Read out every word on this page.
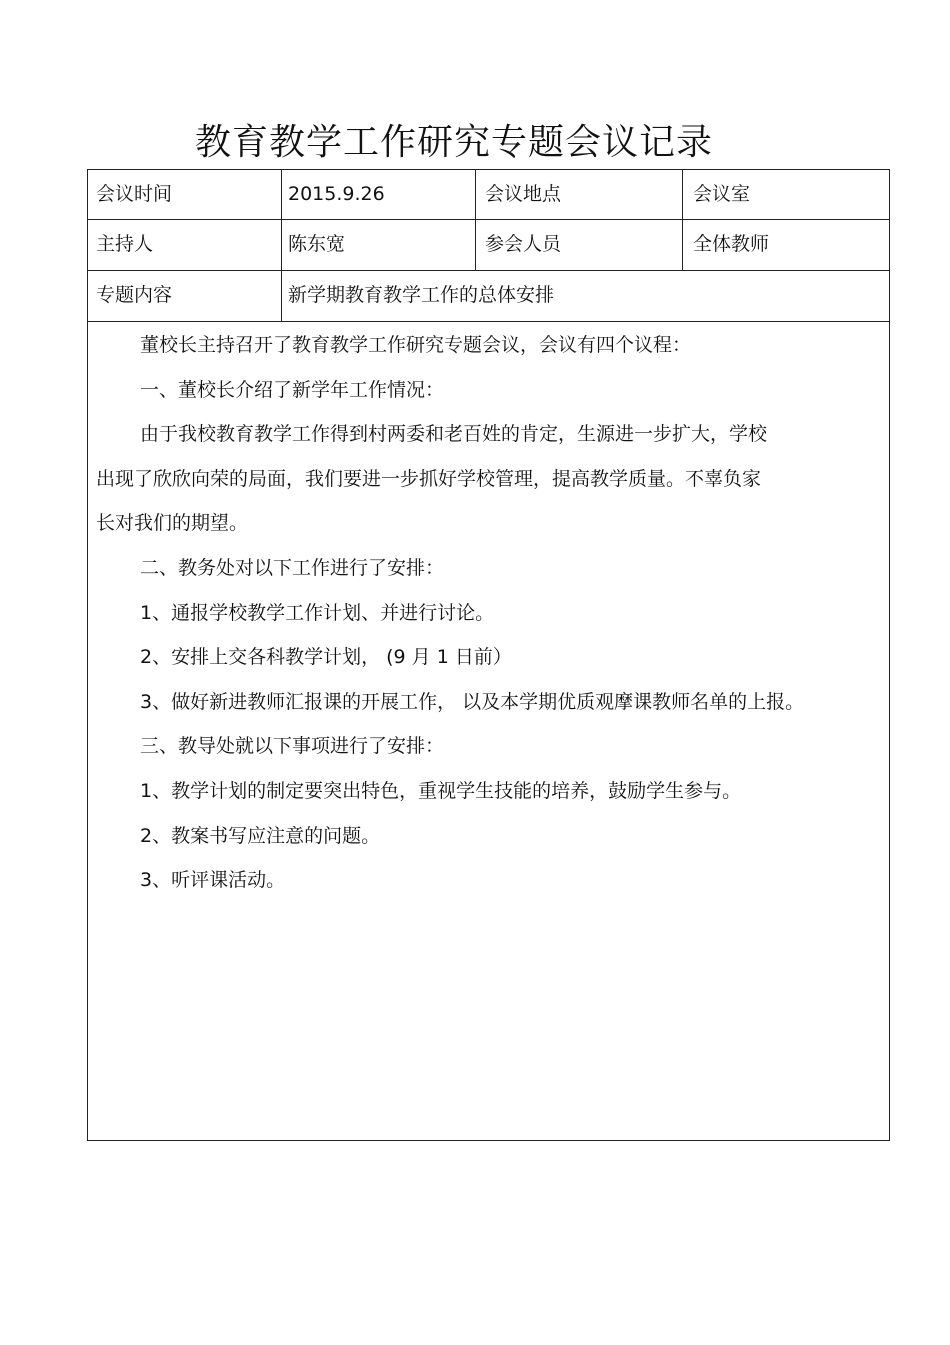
教育教学工作研究专题会议记录
会议时间	2015.9.26	会议地点	会议室
主持人	陈东宽	参会人员	全体教师
专题内容	新学期教育教学工作的总体安排

董校长主持召开了教育教学工作研究专题会议，会议有四个议程：

一、董校长介绍了新学年工作情况：

由于我校教育教学工作得到村两委和老百姓的肯定，生源进一步扩大，学校

出现了欣欣向荣的局面，我们要进一步抓好学校管理，提高教学质量。不辜负家

长对我们的期望。

二、教务处对以下工作进行了安排：

1、通报学校教学工作计划、并进行讨论。

2、安排上交各科教学计划， (9 月 1 日前）

3、做好新进教师汇报课的开展工作， 以及本学期优质观摩课教师名单的上报。

三、教导处就以下事项进行了安排：

1、教学计划的制定要突出特色，重视学生技能的培养，鼓励学生参与。

2、教案书写应注意的问题。

3、听评课活动。
